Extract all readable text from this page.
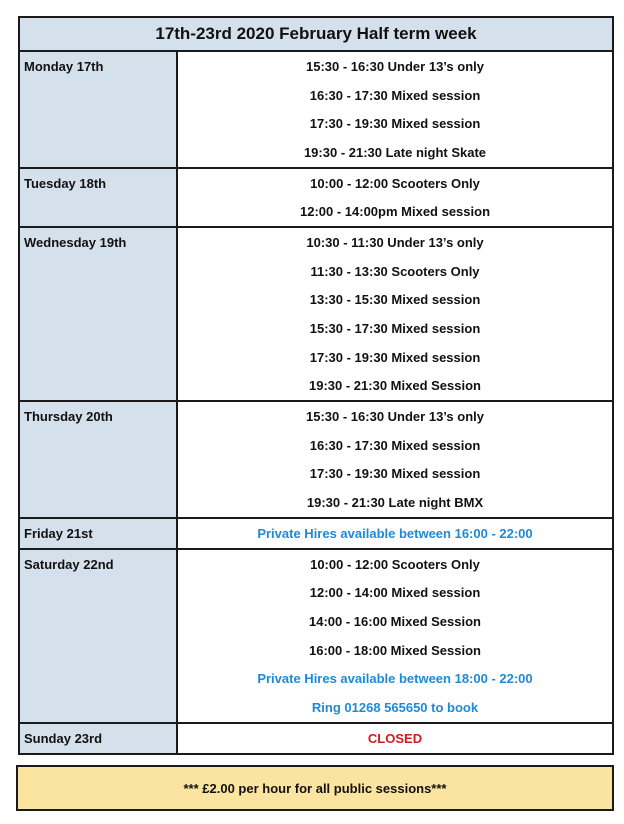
17th-23rd 2020 February Half term week
Monday 17th	15:30 - 16:30 Under 13’s only
16:30 - 17:30 Mixed session
17:30 - 19:30 Mixed session
19:30 - 21:30 Late night Skate
Tuesday 18th	10:00 - 12:00 Scooters Only
12:00 - 14:00pm Mixed session
Wednesday 19th	10:30 - 11:30 Under 13’s only
11:30 - 13:30 Scooters Only
13:30 - 15:30 Mixed session
15:30 - 17:30 Mixed session
17:30 - 19:30 Mixed session
19:30 - 21:30 Mixed Session
Thursday 20th	15:30 - 16:30 Under 13’s only
16:30 - 17:30 Mixed session
17:30 - 19:30 Mixed session
19:30 - 21:30 Late night BMX
Friday 21st	Private Hires available between 16:00 - 22:00
Saturday 22nd	10:00 - 12:00 Scooters Only
12:00 - 14:00 Mixed session
14:00 - 16:00 Mixed Session
16:00 - 18:00 Mixed Session
Private Hires available between 18:00 - 22:00
Ring 01268 565650 to book
Sunday 23rd	CLOSED
*** £2.00 per hour for all public sessions***
